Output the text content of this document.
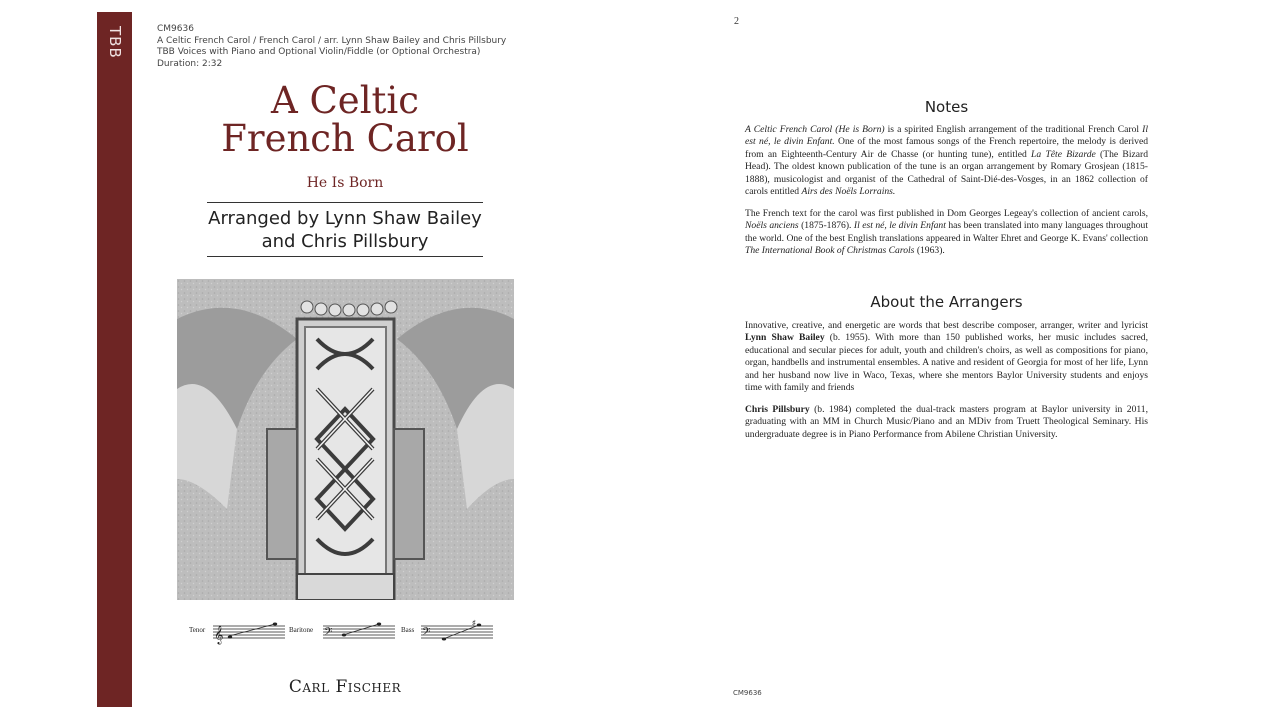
TBB	CM9636
A Celtic French Carol / French Carol / arr. Lynn Shaw Bailey and Chris Pillsbury
TBB Voices with Piano and Optional Violin/Fiddle (or Optional Orchestra)
Duration: 2:32
A Celtic
French Carol
He Is Born
Arranged by Lynn Shaw Bailey
and Chris Pillsbury
Tenor 𝄞	Baritone 𝄢	Bass 𝄢
♯
Carl Fischer
2
Notes
A Celtic French Carol (He is Born) is a spirited English arrangement of the traditional French Carol Il est né, le divin Enfant. One of the most famous songs of the French repertoire, the melody is derived from an Eighteenth-Century Air de Chasse (or hunting tune), entitled La Tête Bizarde (The Bizard Head). The oldest known publication of the tune is an organ arrangement by Romary Grosjean (1815-1888), musicologist and organist of the Cathedral of Saint-Dié-des-Vosges, in an 1862 collection of carols entitled Airs des Noëls Lorrains.
The French text for the carol was first published in Dom Georges Legeay's collection of ancient carols, Noëls anciens (1875-1876). Il est né, le divin Enfant has been translated into many languages throughout the world. One of the best English translations appeared in Walter Ehret and George K. Evans' collection The International Book of Christmas Carols (1963).
About the Arrangers
Innovative, creative, and energetic are words that best describe composer, arranger, writer and lyricist Lynn Shaw Bailey (b. 1955). With more than 150 published works, her music includes sacred, educational and secular pieces for adult, youth and children's choirs, as well as compositions for piano, organ, handbells and instrumental ensembles. A native and resident of Georgia for most of her life, Lynn and her husband now live in Waco, Texas, where she mentors Baylor University students and enjoys time with family and friends
Chris Pillsbury (b. 1984) completed the dual-track masters program at Baylor university in 2011, graduating with an MM in Church Music/Piano and an MDiv from Truett Theological Seminary. His undergraduate degree is in Piano Performance from Abilene Christian University.
CM9636
